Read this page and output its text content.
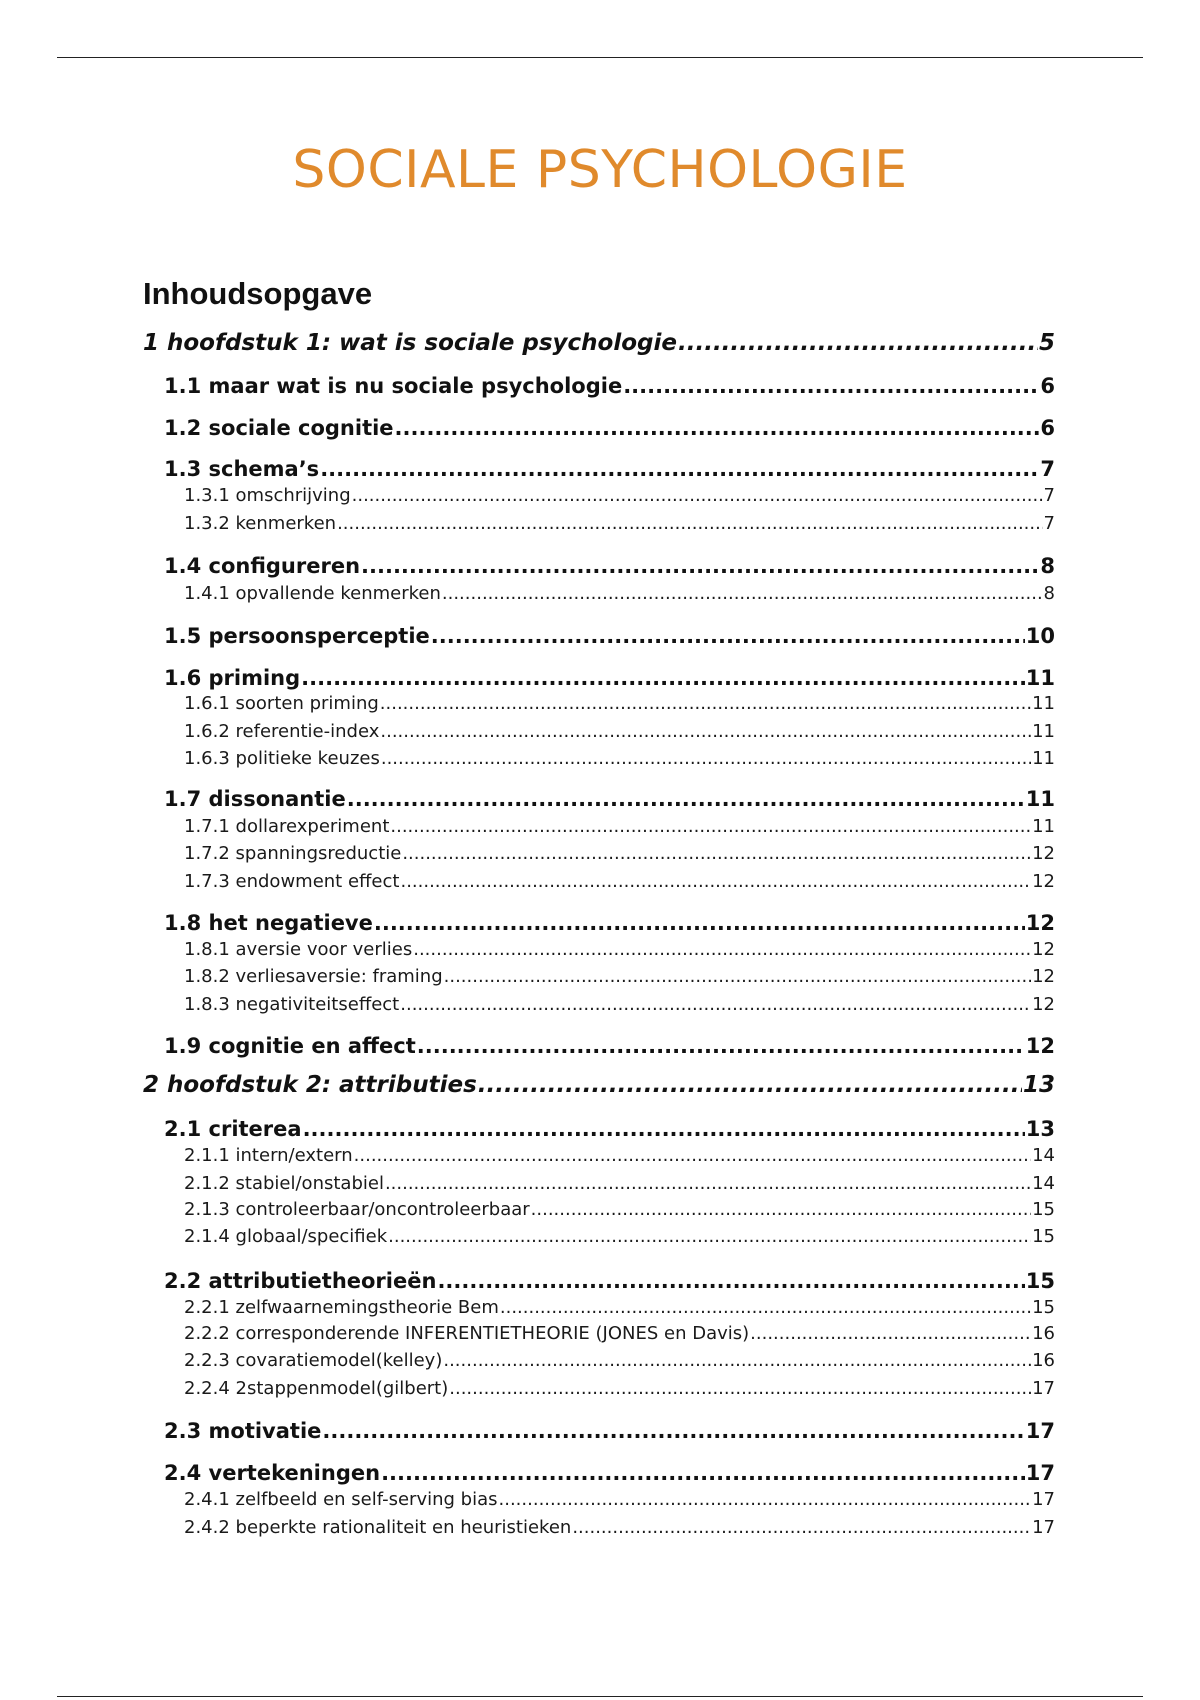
SOCIALE PSYCHOLOGIE
Inhoudsopgave
1 hoofdstuk 1: wat is sociale psychologie .....	5
1.1 maar wat is nu sociale psychologie .....	6
1.2 sociale cognitie .....	6
1.3 schema’s .....	7
1.3.1 omschrijving .....	7
1.3.2 kenmerken .....	7
1.4 configureren .....	8
1.4.1 opvallende kenmerken .....	8
1.5 persoonsperceptie .....	10
1.6 priming .....	11
1.6.1 soorten priming .....	11
1.6.2 referentie-index .....	11
1.6.3 politieke keuzes .....	11
1.7 dissonantie .....	11
1.7.1 dollarexperiment .....	11
1.7.2 spanningsreductie .....	12
1.7.3 endowment effect .....	12
1.8 het negatieve .....	12
1.8.1 aversie voor verlies .....	12
1.8.2 verliesaversie: framing .....	12
1.8.3 negativiteitseffect .....	12
1.9 cognitie en affect .....	12
2 hoofdstuk 2: attributies .....	13
2.1 criterea .....	13
2.1.1 intern/extern .....	14
2.1.2 stabiel/onstabiel .....	14
2.1.3 controleerbaar/oncontroleerbaar .....	15
2.1.4 globaal/specifiek .....	15
2.2 attributietheorieën .....	15
2.2.1 zelfwaarnemingstheorie Bem .....	15
2.2.2 corresponderende INFERENTIETHEORIE (JONES en Davis) .....	16
2.2.3 covaratiemodel(kelley) .....	16
2.2.4 2stappenmodel(gilbert) .....	17
2.3 motivatie .....	17
2.4 vertekeningen .....	17
2.4.1 zelfbeeld en self-serving bias .....	17
2.4.2 beperkte rationaliteit en heuristieken .....	17
